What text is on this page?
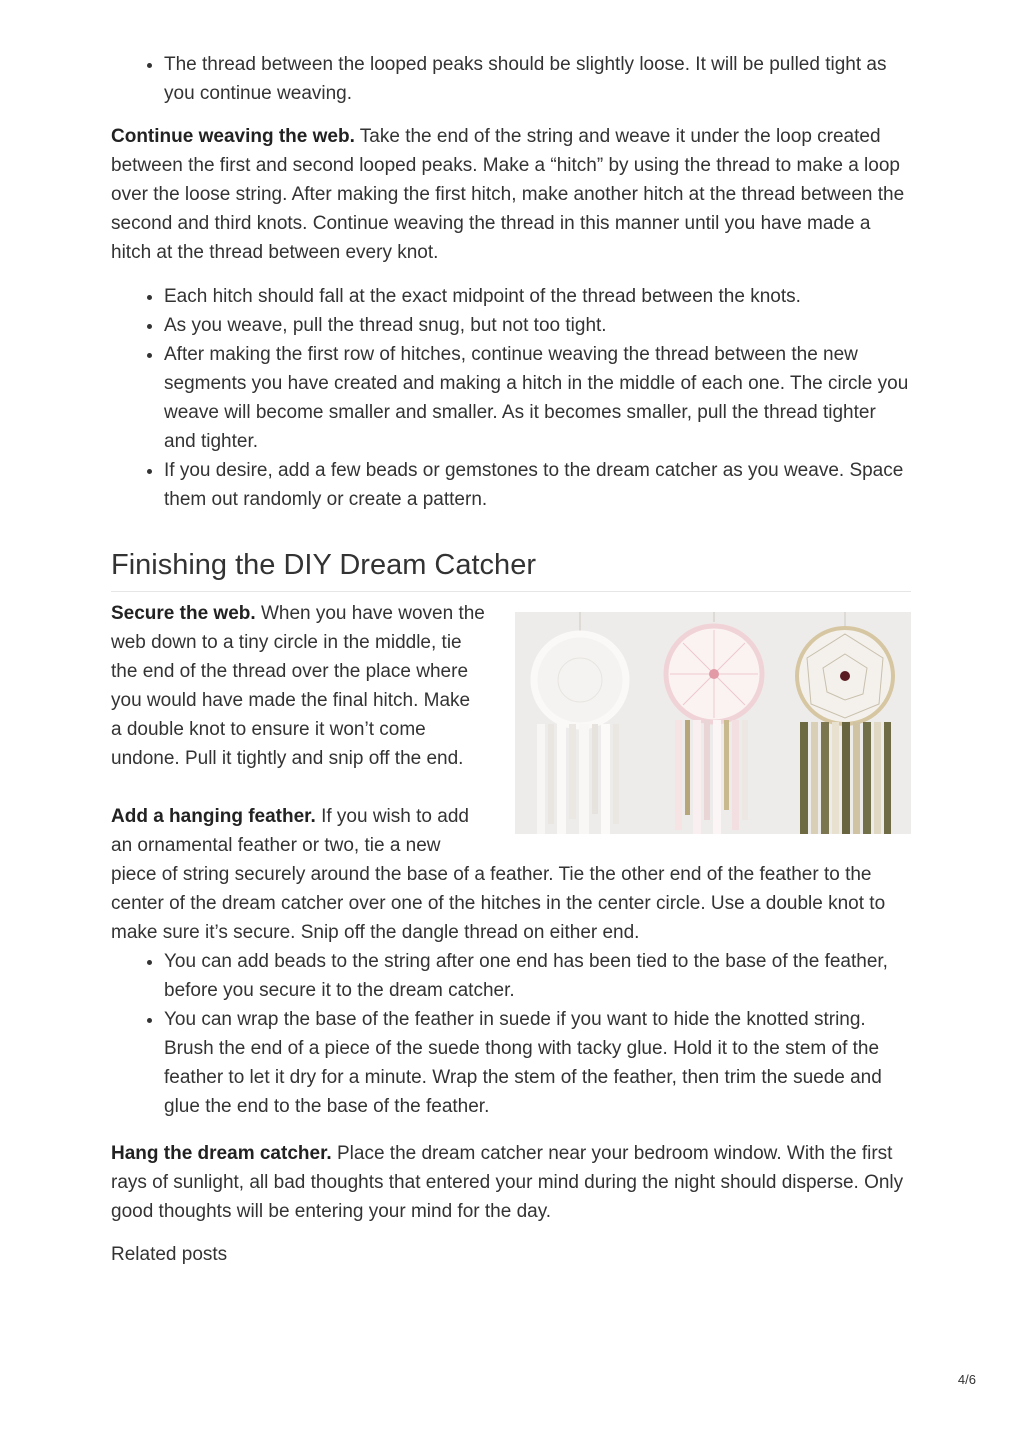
• The thread between the looped peaks should be slightly loose. It will be pulled tight as you continue weaving.

Continue weaving the web. Take the end of the string and weave it under the loop created between the first and second looped peaks. Make a “hitch” by using the thread to make a loop over the loose string. After making the first hitch, make another hitch at the thread between the second and third knots. Continue weaving the thread in this manner until you have made a hitch at the thread between every knot.

• Each hitch should fall at the exact midpoint of the thread between the knots.
• As you weave, pull the thread snug, but not too tight.
• After making the first row of hitches, continue weaving the thread between the new segments you have created and making a hitch in the middle of each one. The circle you weave will become smaller and smaller. As it becomes smaller, pull the thread tighter and tighter.
• If you desire, add a few beads or gemstones to the dream catcher as you weave. Space them out randomly or create a pattern.
Finishing the DIY Dream Catcher

Secure the web. When you have woven the web down to a tiny circle in the middle, tie the end of the thread over the place where you would have made the final hitch. Make a double knot to ensure it won’t come undone. Pull it tightly and snip off the end.

Add a hanging feather. If you wish to add an ornamental feather or two, tie a new piece of string securely around the base of a feather. Tie the other end of the feather to the center of the dream catcher over one of the hitches in the center circle. Use a double knot to make sure it’s secure. Snip off the dangle thread on either end.

• You can add beads to the string after one end has been tied to the base of the feather, before you secure it to the dream catcher.
• You can wrap the base of the feather in suede if you want to hide the knotted string. Brush the end of a piece of the suede thong with tacky glue. Hold it to the stem of the feather to let it dry for a minute. Wrap the stem of the feather, then trim the suede and glue the end to the base of the feather.

Hang the dream catcher. Place the dream catcher near your bedroom window. With the first rays of sunlight, all bad thoughts that entered your mind during the night should disperse. Only good thoughts will be entering your mind for the day.

Related posts

4/6
